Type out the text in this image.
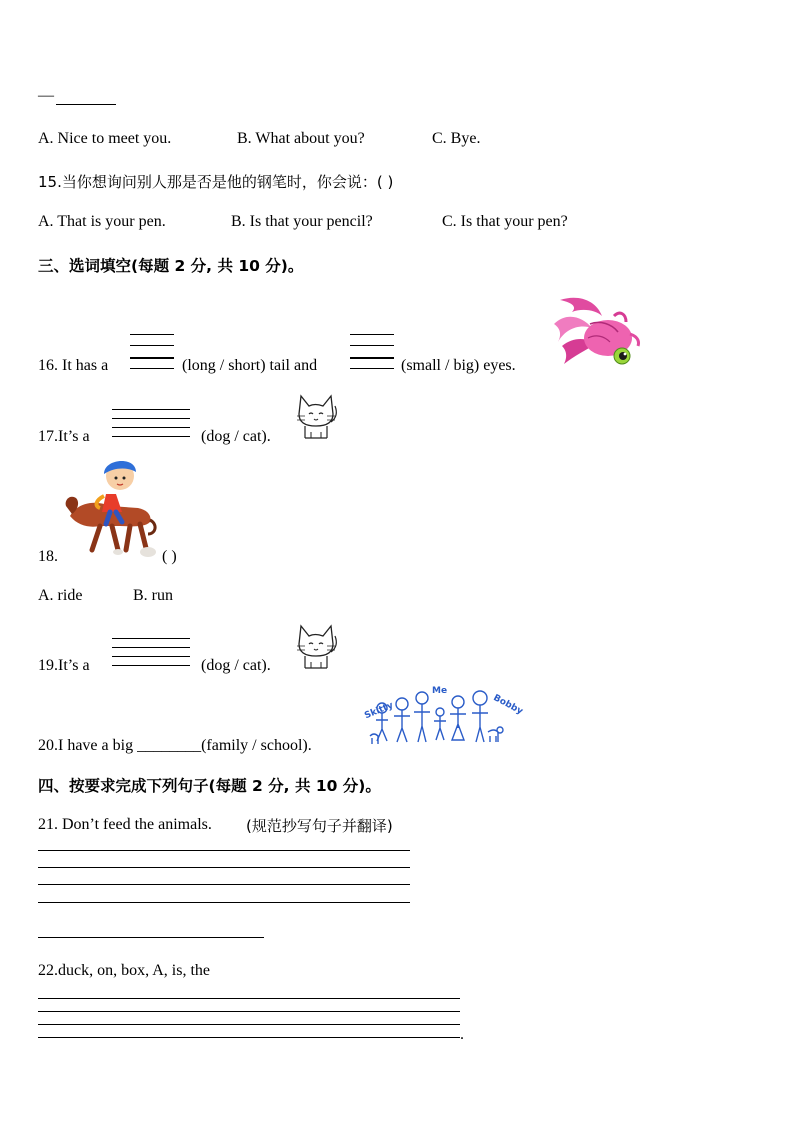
—
A. Nice to meet you.	B. What about you?	C. Bye.
15.当你想询问别人那是否是他的钢笔时，你会说：( )
A. That is your pen.	B. Is that your pencil?	C. Is that your pen?
三、选词填空(每题 2 分, 共 10 分)。
16. It has a	(long / short) tail and	(small / big) eyes.
17.It’s a	(dog / cat).
18.	( )
A. ride	B. run
19.It’s a	(dog / cat).
20.I have a big ________(family / school).
Skitty
Me
Bobby
四、按要求完成下列句子(每题 2 分, 共 10 分)。
21. Don’t feed the animals. (规范抄写句子并翻译)
22.duck, on, box, A, is, the
.
